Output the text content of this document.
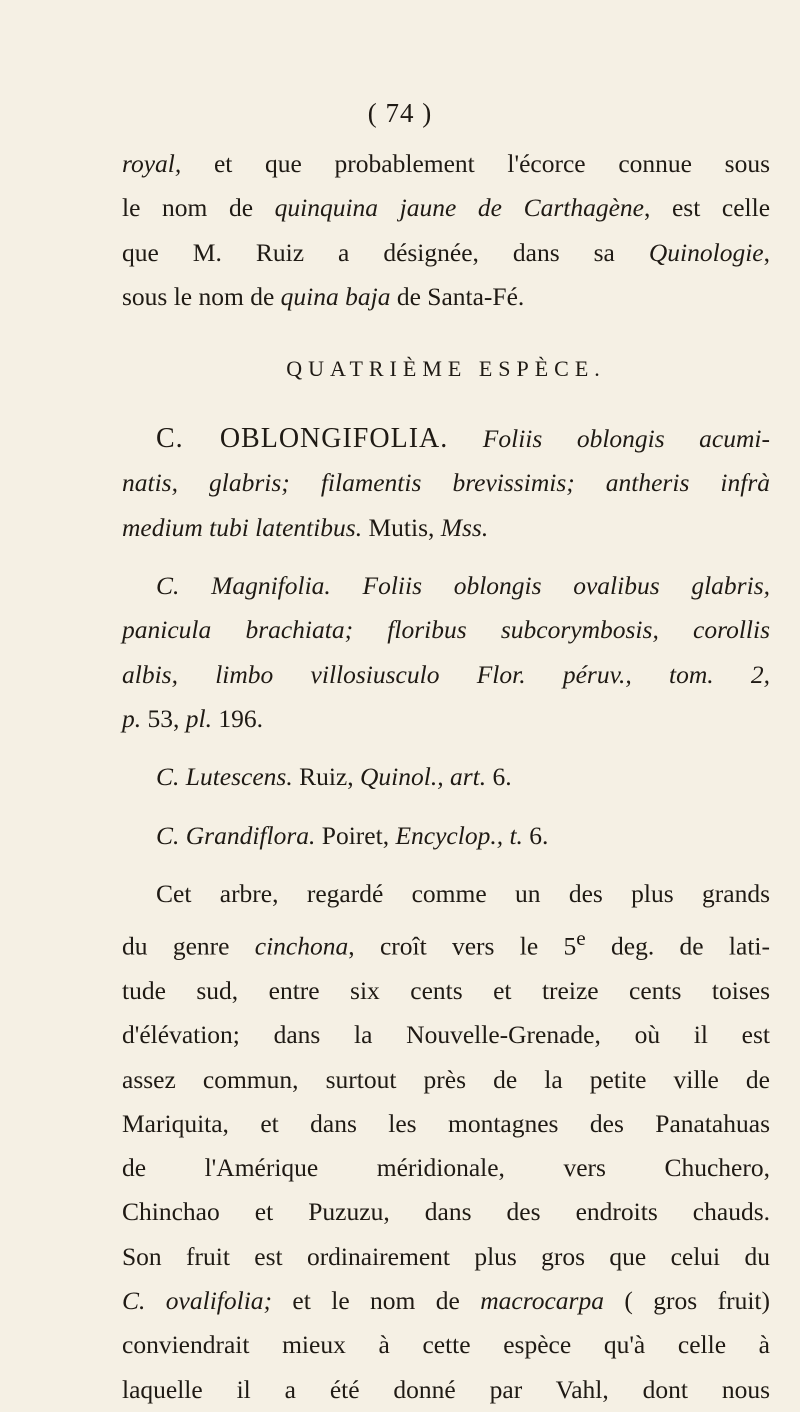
( 74 )
royal, et que probablement l'écorce connue sous
le nom de quinquina jaune de Carthagène, est celle
que M. Ruiz a désignée, dans sa Quinologie,
sous le nom de quina baja de Santa-Fé.
QUATRIÈME ESPÈCE.
C. OBLONGIFOLIA. Foliis oblongis acumi-
natis, glabris; filamentis brevissimis; antheris infrà
medium tubi latentibus. Mutis, Mss.
C. Magnifolia. Foliis oblongis ovalibus glabris,
panicula brachiata; floribus subcorymbosis, corollis
albis, limbo villosiusculo Flor. péruv., tom. 2,
p. 53, pl. 196.
C. Lutescens. Ruiz, Quinol., art. 6.
C. Grandiflora. Poiret, Encyclop., t. 6.
Cet arbre, regardé comme un des plus grands
du genre cinchona, croît vers le 5e deg. de lati-
tude sud, entre six cents et treize cents toises
d'élévation; dans la Nouvelle-Grenade, où il est
assez commun, surtout près de la petite ville de
Mariquita, et dans les montagnes des Panatahuas
de l'Amérique méridionale, vers Chuchero,
Chinchao et Puzuzu, dans des endroits chauds.
Son fruit est ordinairement plus gros que celui du
C. ovalifolia; et le nom de macrocarpa ( gros fruit)
conviendrait mieux à cette espèce qu'à celle à
laquelle il a été donné par Vahl, dont nous
